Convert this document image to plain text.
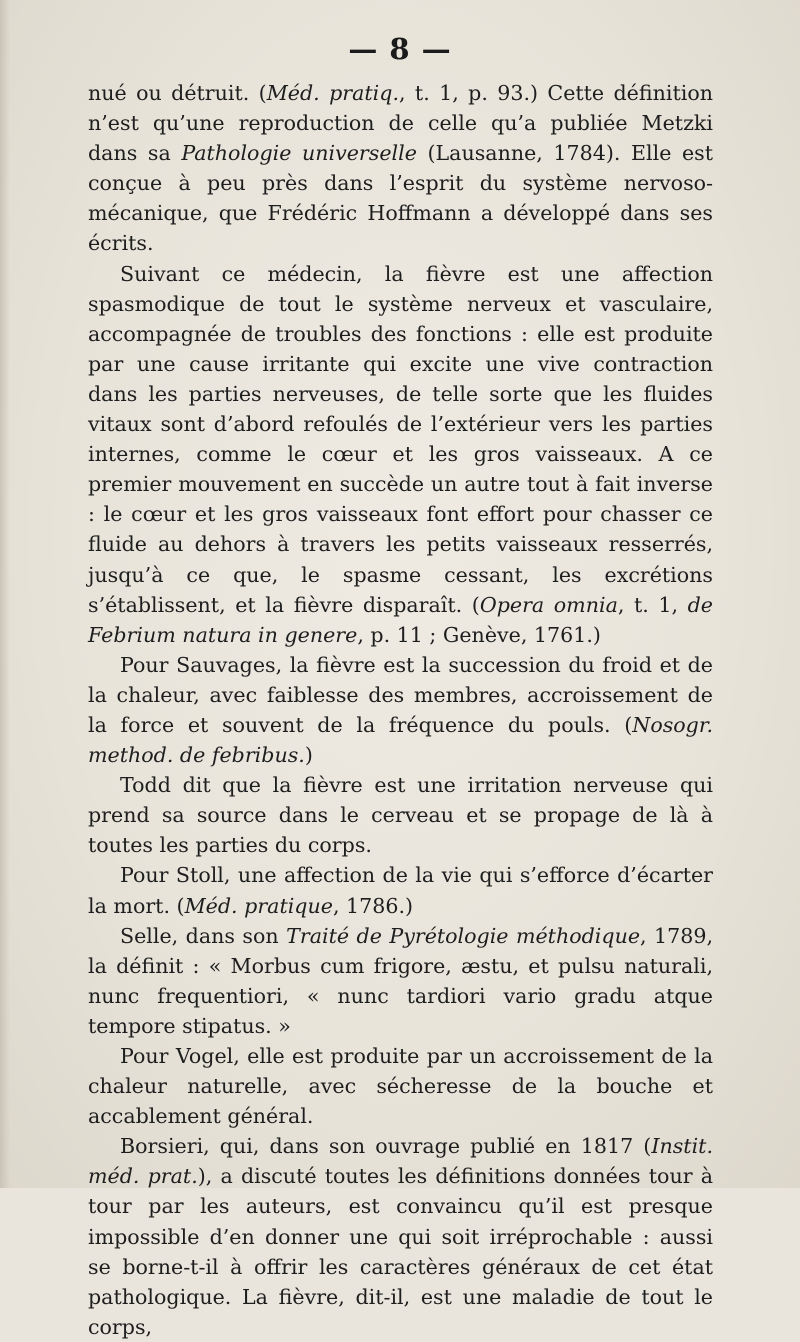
— 8 —

nué ou détruit. (Méd. pratiq., t. 1, p. 93.) Cette définition n’est qu’une reproduction de celle qu’a publiée Metzki dans sa Pathologie universelle (Lausanne, 1784). Elle est conçue à peu près dans l’esprit du système nervoso-mécanique, que Frédéric Hoffmann a développé dans ses écrits.

Suivant ce médecin, la fièvre est une affection spasmodique de tout le système nerveux et vasculaire, accompagnée de troubles des fonctions : elle est produite par une cause irritante qui excite une vive contraction dans les parties nerveuses, de telle sorte que les fluides vitaux sont d’abord refoulés de l’extérieur vers les parties internes, comme le cœur et les gros vaisseaux. A ce premier mouvement en succède un autre tout à fait inverse : le cœur et les gros vaisseaux font effort pour chasser ce fluide au dehors à travers les petits vaisseaux resserrés, jusqu’à ce que, le spasme cessant, les excrétions s’établissent, et la fièvre disparaît. (Opera omnia, t. 1, de Febrium natura in genere, p. 11 ; Genève, 1761.)

Pour Sauvages, la fièvre est la succession du froid et de la chaleur, avec faiblesse des membres, accroissement de la force et souvent de la fréquence du pouls. (Nosogr. method. de febribus.)

Todd dit que la fièvre est une irritation nerveuse qui prend sa source dans le cerveau et se propage de là à toutes les parties du corps.

Pour Stoll, une affection de la vie qui s’efforce d’écarter la mort. (Méd. pratique, 1786.)

Selle, dans son Traité de Pyrétologie méthodique, 1789, la définit : « Morbus cum frigore, æstu, et pulsu naturali, nunc frequentiori, « nunc tardiori vario gradu atque tempore stipatus. »

Pour Vogel, elle est produite par un accroissement de la chaleur naturelle, avec sécheresse de la bouche et accablement général.

Borsieri, qui, dans son ouvrage publié en 1817 (Instit. méd. prat.), a discuté toutes les définitions données tour à tour par les auteurs, est convaincu qu’il est presque impossible d’en donner une qui soit irréprochable : aussi se borne-t-il à offrir les caractères généraux de cet état pathologique. La fièvre, dit-il, est une maladie de tout le corps,
